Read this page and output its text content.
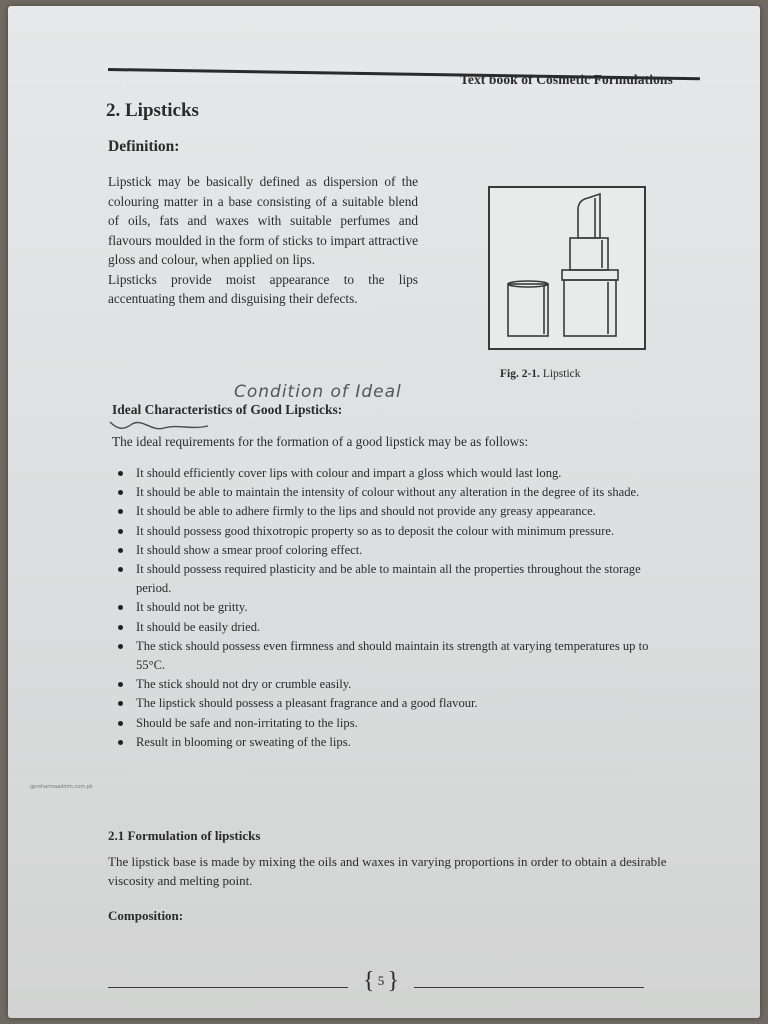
Text book of Cosmetic Formulations
2. Lipsticks
Definition:

Lipstick may be basically defined as dispersion of the colouring matter in a base consisting of a suitable blend of oils, fats and waxes with suitable perfumes and flavours moulded in the form of sticks to impart attractive gloss and colour, when applied on lips.

Lipsticks provide moist appearance to the lips accentuating them and disguising their defects.

Fig. 2-1. Lipstick
Condition of Ideal
Ideal Characteristics of Good Lipsticks:
The ideal requirements for the formation of a good lipstick may be as follows:
It should efficiently cover lips with colour and impart a gloss which would last long.
It should be able to maintain the intensity of colour without any alteration in the degree of its shade.
It should be able to adhere firmly to the lips and should not provide any greasy appearance.
It should possess good thixotropic property so as to deposit the colour with minimum pressure.
It should show a smear proof coloring effect.
It should possess required plasticity and be able to maintain all the properties throughout the storage period.
It should not be gritty.
It should be easily dried.
The stick should possess even firmness and should maintain its strength at varying temperatures up to 55°C.
The stick should not dry or crumble easily.
The lipstick should possess a pleasant fragrance and a good flavour.
Should be safe and non-irritating to the lips.
Result in blooming or sweating of the lips.
gprsharmaadmin.com.pk
2.1 Formulation of lipsticks
The lipstick base is made by mixing the oils and waxes in varying proportions in order to obtain a desirable viscosity and melting point.
Composition:
{ 5 }
